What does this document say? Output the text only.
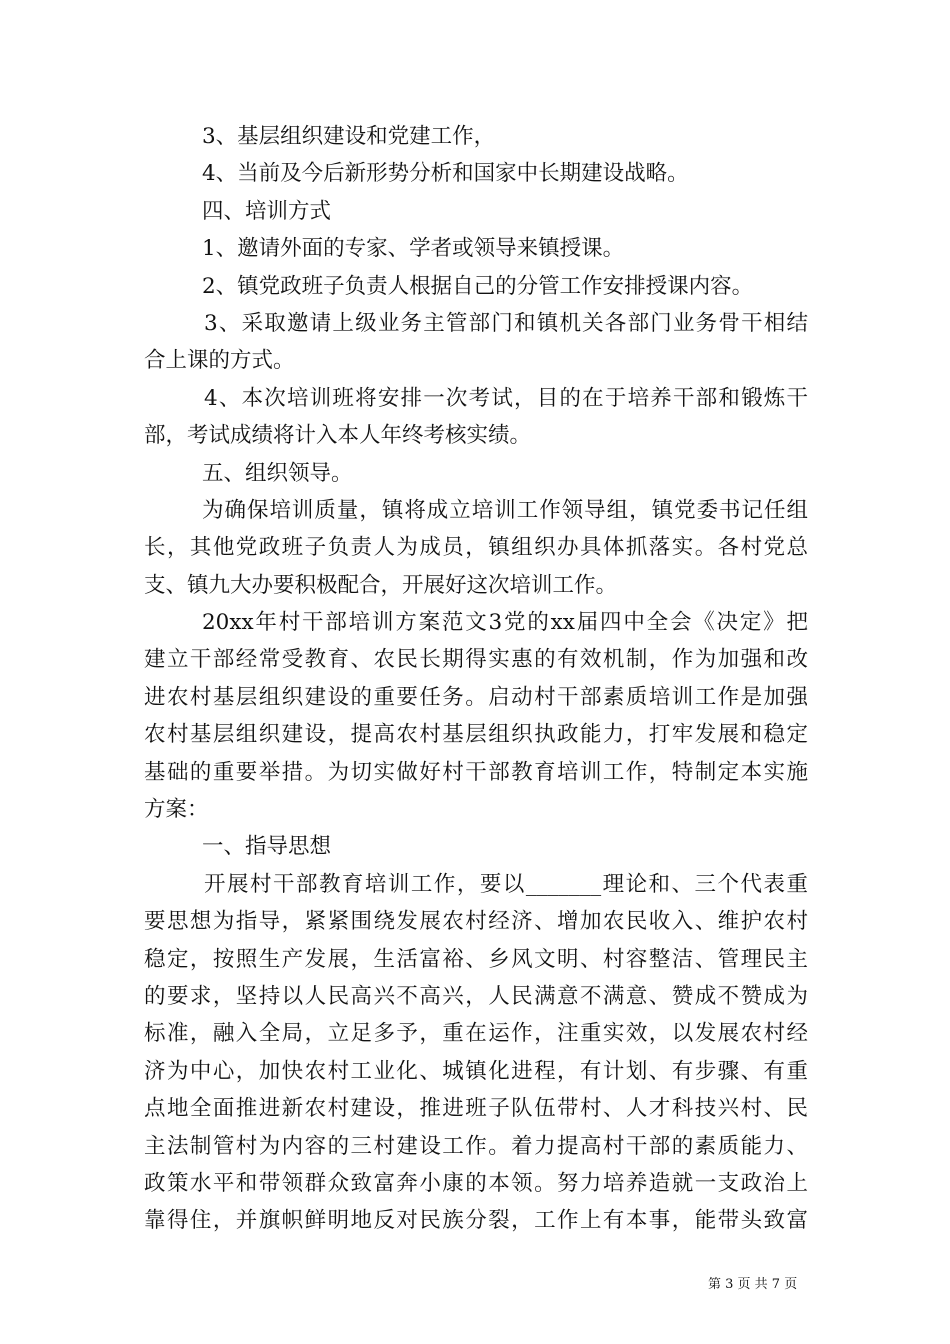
3、基层组织建设和党建工作，
4、当前及今后新形势分析和国家中长期建设战略。
四、培训方式
1、邀请外面的专家、学者或领导来镇授课。
2、镇党政班子负责人根据自己的分管工作安排授课内容。
3、采取邀请上级业务主管部门和镇机关各部门业务骨干相结
合上课的方式。
4、本次培训班将安排一次考试，目的在于培养干部和锻炼干
部，考试成绩将计入本人年终考核实绩。
五、组织领导。
为确保培训质量，镇将成立培训工作领导组，镇党委书记任组
长，其他党政班子负责人为成员，镇组织办具体抓落实。各村党总
支、镇九大办要积极配合，开展好这次培训工作。
20xx年村干部培训方案范文3党的xx届四中全会《决定》把
建立干部经常受教育、农民长期得实惠的有效机制，作为加强和改
进农村基层组织建设的重要任务。启动村干部素质培训工作是加强
农村基层组织建设，提高农村基层组织执政能力，打牢发展和稳定
基础的重要举措。为切实做好村干部教育培训工作，特制定本实施
方案：
一、指导思想
开展村干部教育培训工作，要以_______理论和、三个代表重
要思想为指导，紧紧围绕发展农村经济、增加农民收入、维护农村
稳定，按照生产发展，生活富裕、乡风文明、村容整洁、管理民主
的要求，坚持以人民高兴不高兴，人民满意不满意、赞成不赞成为
标准，融入全局，立足多予，重在运作，注重实效，以发展农村经
济为中心，加快农村工业化、城镇化进程，有计划、有步骤、有重
点地全面推进新农村建设，推进班子队伍带村、人才科技兴村、民
主法制管村为内容的三村建设工作。着力提高村干部的素质能力、
政策水平和带领群众致富奔小康的本领。努力培养造就一支政治上
靠得住，并旗帜鲜明地反对民族分裂，工作上有本事，能带头致富
第 3 页 共 7 页
